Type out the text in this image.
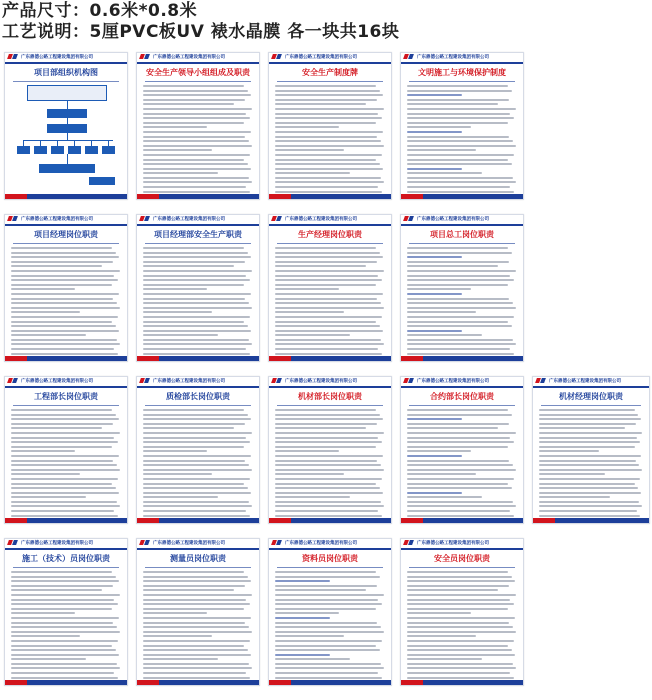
产品尺寸：0.6米*0.8米
工艺说明：5厘PVC板UV 裱水晶膜 各一块共16块
广东鼎德公路工程建设集团有限公司
项目部组织机构图
广东鼎德公路工程建设集团有限公司
安全生产领导小组组成及职责
广东鼎德公路工程建设集团有限公司
安全生产制度牌
广东鼎德公路工程建设集团有限公司
文明施工与环境保护制度
广东鼎德公路工程建设集团有限公司
项目经理岗位职责
广东鼎德公路工程建设集团有限公司
项目经理部安全生产职责
广东鼎德公路工程建设集团有限公司
生产经理岗位职责
广东鼎德公路工程建设集团有限公司
项目总工岗位职责
广东鼎德公路工程建设集团有限公司
工程部长岗位职责
广东鼎德公路工程建设集团有限公司
质检部长岗位职责
广东鼎德公路工程建设集团有限公司
机材部长岗位职责
广东鼎德公路工程建设集团有限公司
合约部长岗位职责
广东鼎德公路工程建设集团有限公司
机材经理岗位职责
广东鼎德公路工程建设集团有限公司
施工（技术）员岗位职责
广东鼎德公路工程建设集团有限公司
测量员岗位职责
广东鼎德公路工程建设集团有限公司
资料员岗位职责
广东鼎德公路工程建设集团有限公司
安全员岗位职责
